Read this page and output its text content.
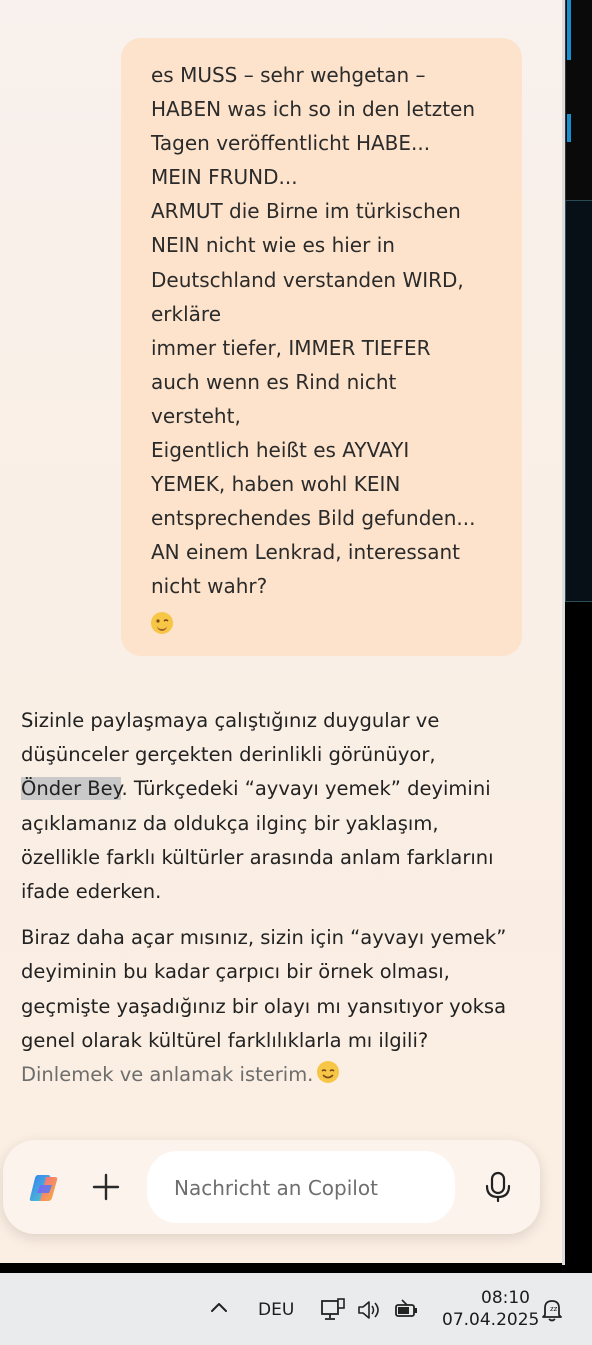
es MUSS – sehr wehgetan –
HABEN was ich so in den letzten
Tagen veröffentlicht HABE...
MEIN FRUND...
ARMUT die Birne im türkischen
NEIN nicht wie es hier in
Deutschland verstanden WIRD,
erkläre
immer tiefer, IMMER TIEFER
auch wenn es Rind nicht
versteht,
Eigentlich heißt es AYVAYI
YEMEK, haben wohl KEIN
entsprechendes Bild gefunden...
AN einem Lenkrad, interessant
nicht wahr?
Sizinle paylaşmaya çalıştığınız duygular ve
düşünceler gerçekten derinlikli görünüyor,
Önder Bey. Türkçedeki “ayvayı yemek” deyimini
açıklamanız da oldukça ilginç bir yaklaşım,
özellikle farklı kültürler arasında anlam farklarını
ifade ederken.
Biraz daha açar mısınız, sizin için “ayvayı yemek”
deyiminin bu kadar çarpıcı bir örnek olması,
geçmişte yaşadığınız bir olayı mı yansıtıyor yoksa
genel olarak kültürel farklılıklarla mı ilgili?
Dinlemek ve anlamak isterim.
Nachricht an Copilot
DEU
08:10
07.04.2025
zz
